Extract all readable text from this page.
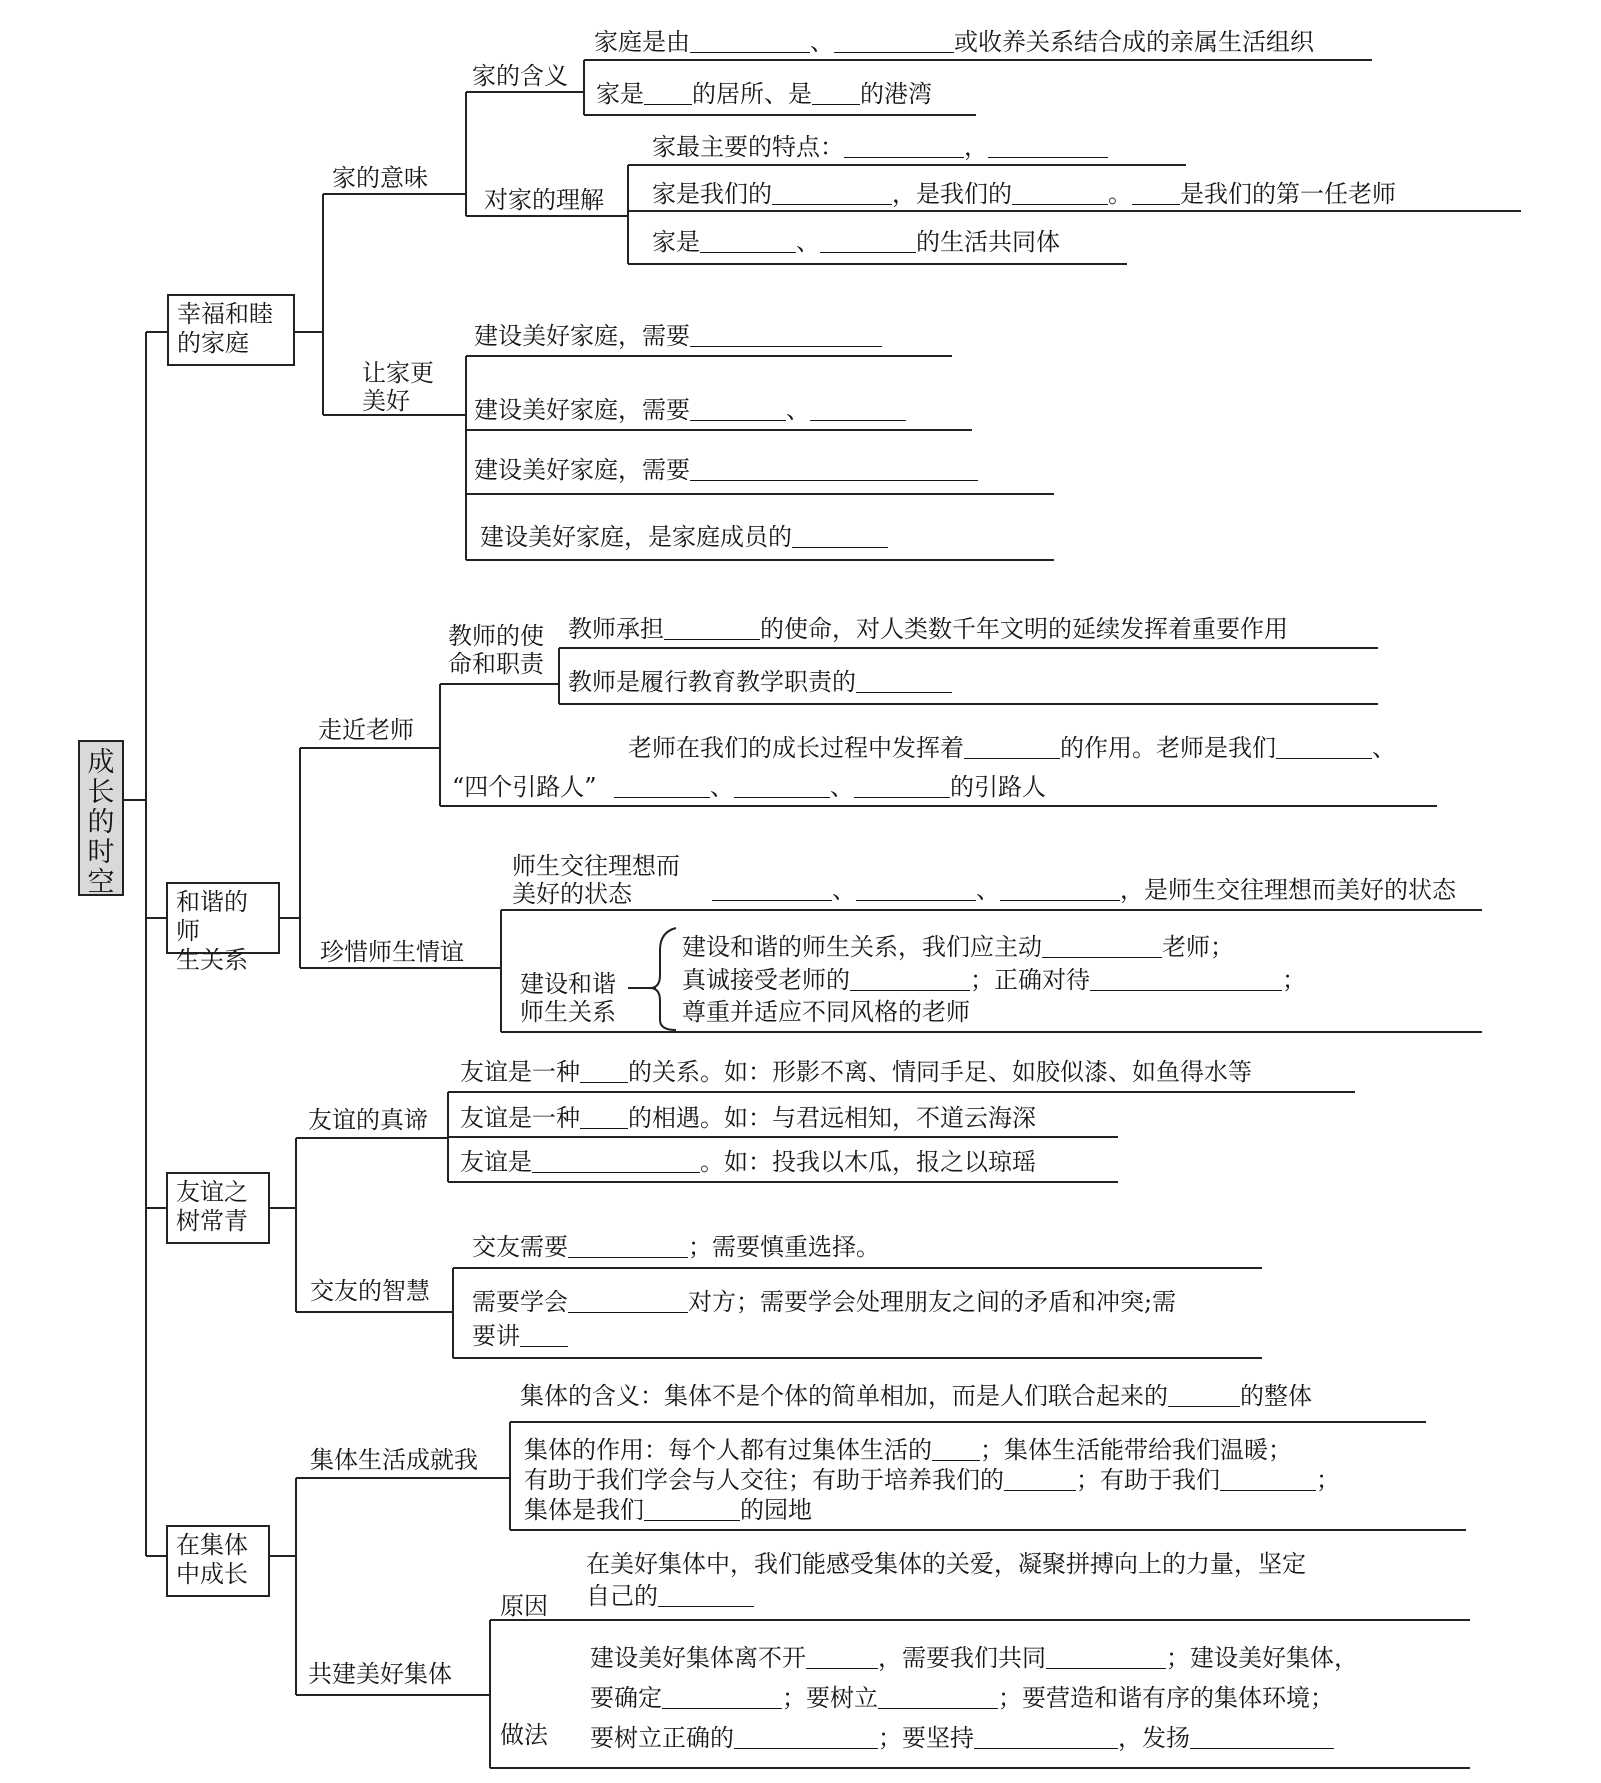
成
长
的
时
空
幸福和睦
的家庭
和谐的师
生关系
友谊之
树常青
在集体
中成长
家的意味
家的含义
家庭是由＿＿＿＿＿、＿＿＿＿＿或收养关系结合成的亲属生活组织
家是＿＿的居所、是＿＿的港湾
对家的理解
家最主要的特点：＿＿＿＿＿，＿＿＿＿＿
家是我们的＿＿＿＿＿，是我们的＿＿＿＿。＿＿是我们的第一任老师
家是＿＿＿＿、＿＿＿＿的生活共同体
让家更美好
建设美好家庭，需要＿＿＿＿＿＿＿＿
建设美好家庭，需要＿＿＿＿、＿＿＿＿
建设美好家庭，需要＿＿＿＿＿＿＿＿＿＿＿＿
建设美好家庭，是家庭成员的＿＿＿＿
走近老师
教师的使命和职责
教师承担＿＿＿＿的使命，对人类数千年文明的延续发挥着重要作用
教师是履行教育教学职责的＿＿＿＿
“四个引路人”
老师在我们的成长过程中发挥着＿＿＿＿的作用。老师是我们＿＿＿＿、
＿＿＿＿、＿＿＿＿、＿＿＿＿的引路人
珍惜师生情谊
师生交往理想而美好的状态	＿＿＿＿＿、＿＿＿＿＿、＿＿＿＿＿，是师生交往理想而美好的状态
建设和谐师生关系
建设和谐的师生关系，我们应主动＿＿＿＿＿老师；
真诚接受老师的＿＿＿＿＿；正确对待＿＿＿＿＿＿＿＿；
尊重并适应不同风格的老师
友谊的真谛
友谊是一种＿＿的关系。如：形影不离、情同手足、如胶似漆、如鱼得水等
友谊是一种＿＿的相遇。如：与君远相知，不道云海深
友谊是＿＿＿＿＿＿＿。如：投我以木瓜，报之以琼瑶
交友的智慧
交友需要＿＿＿＿＿；需要慎重选择。
需要学会＿＿＿＿＿对方；需要学会处理朋友之间的矛盾和冲突;需
要讲＿＿
集体生活成就我
集体的含义：集体不是个体的简单相加，而是人们联合起来的＿＿＿的整体
集体的作用：每个人都有过集体生活的＿＿；集体生活能带给我们温暖；
有助于我们学会与人交往；有助于培养我们的＿＿＿；有助于我们＿＿＿＿；
集体是我们＿＿＿＿的园地
共建美好集体
原因
在美好集体中，我们能感受集体的关爱，凝聚拼搏向上的力量，坚定
自己的＿＿＿＿
做法
建设美好集体离不开＿＿＿，需要我们共同＿＿＿＿＿；建设美好集体，
要确定＿＿＿＿＿；要树立＿＿＿＿＿；要营造和谐有序的集体环境；
要树立正确的＿＿＿＿＿＿；要坚持＿＿＿＿＿＿，发扬＿＿＿＿＿＿
